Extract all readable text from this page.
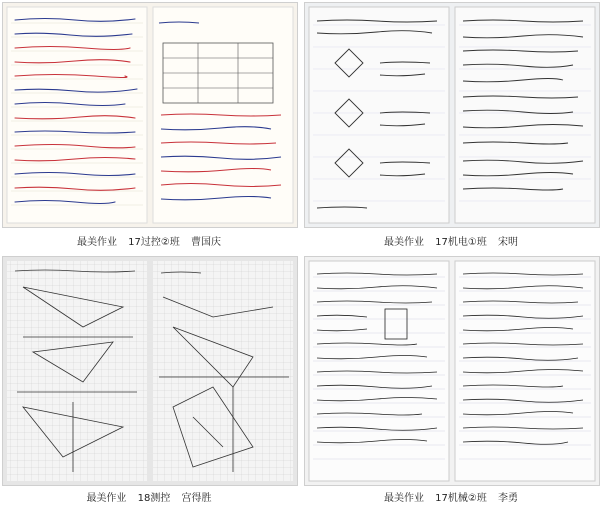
最美作业 17过控②班 曹国庆	最美作业 17机电①班 宋明
最美作业 18测控 宫得胜	最美作业 17机械②班 李勇
